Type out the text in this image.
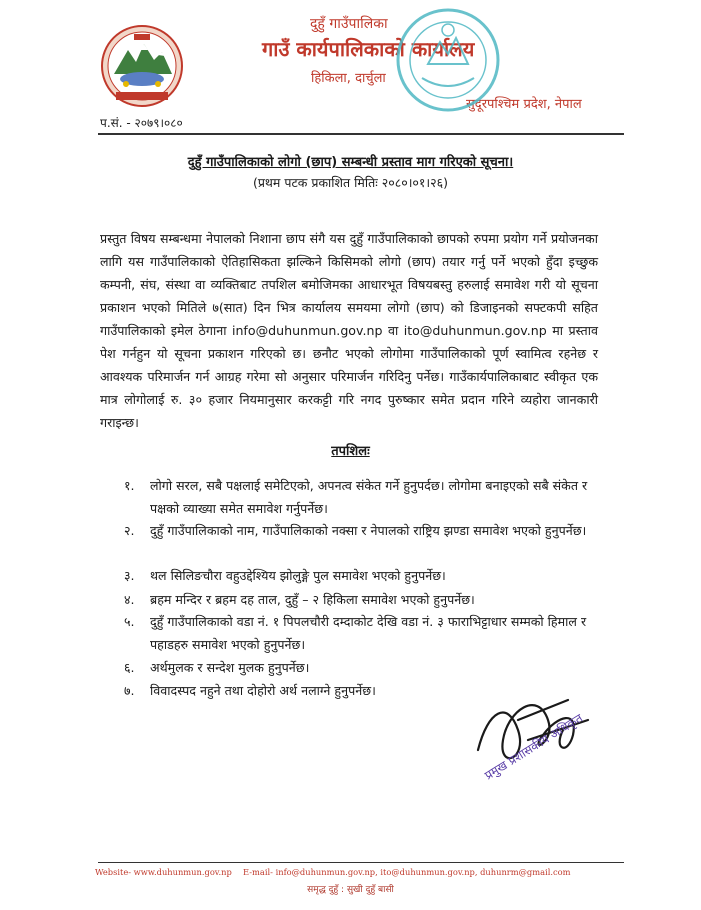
दुहुँ गाउँपालिका
गाउँ कार्यपालिकाको कार्यालय
हिकिला, दार्चुला
सुदूरपश्चिम प्रदेश, नेपाल
प.सं. - २०७९।०८०
दुहुँ गाउँपालिकाको लोगो (छाप) सम्बन्धी प्रस्ताव माग गरिएको सूचना।
(प्रथम पटक प्रकाशित मितिः २०८०।०१।२६)
प्रस्तुत विषय सम्बन्धमा नेपालको निशाना छाप संगै यस दुहुँ गाउँपालिकाको छापको रुपमा प्रयोग गर्ने प्रयोजनका लागि यस गाउँपालिकाको ऐतिहासिकता झल्किने किसिमको लोगो (छाप) तयार गर्नु पर्ने भएको हुँदा इच्छुक कम्पनी, संघ, संस्था वा व्यक्तिबाट तपशिल बमोजिमका आधारभूत विषयबस्तु हरुलाई समावेश गरी यो सूचना प्रकाशन भएको मितिले ७(सात) दिन भित्र कार्यालय समयमा लोगो (छाप) को डिजाइनको सफ्टकपी सहित गाउँपालिकाको इमेल ठेगाना info@duhunmun.gov.np वा ito@duhunmun.gov.np मा प्रस्ताव पेश गर्नहुन यो सूचना प्रकाशन गरिएको छ। छनौट भएको लोगोमा गाउँपालिकाको पूर्ण स्वामित्व रहनेछ र आवश्यक परिमार्जन गर्न आग्रह गरेमा सो अनुसार परिमार्जन गरिदिनु पर्नेछ। गाउँकार्यपालिकाबाट स्वीकृत एक मात्र लोगोलाई रु. ३० हजार नियमानुसार करकट्टी गरि नगद पुरुष्कार समेत प्रदान गरिने व्यहोरा जानकारी गराइन्छ।
तपशिलः
१. लोगो सरल, सबै पक्षलाई समेटिएको, अपनत्व संकेत गर्ने हुनुपर्दछ। लोगोमा बनाइएको सबै संकेत र पक्षको व्याख्या समेत समावेश गर्नुपर्नेछ।
२. दुहुँ गाउँपालिकाको नाम, गाउँपालिकाको नक्सा र नेपालको राष्ट्रिय झण्डा समावेश भएको हुनुपर्नेछ।
३. थल सिलिङचौरा वहुउद्देश्यिय झोलुङ्गे पुल समावेश भएको हुनुपर्नेछ।
४. ब्रहम मन्दिर र ब्रहम दह ताल, दुहुँ – २ हिकिला समावेश भएको हुनुपर्नेछ।
५. दुहुँ गाउँपालिकाको वडा नं. १ पिपलचौरी दम्दाकोट देखि वडा नं. ३ फाराभिट्टाधार सम्मको हिमाल र पहाडहरु समावेश भएको हुनुपर्नेछ।
६. अर्थमुलक र सन्देश मुलक हुनुपर्नेछ।
७. विवादस्पद नहुने तथा दोहोरो अर्थ नलाग्ने हुनुपर्नेछ।
प्रमुख प्रशासकीय अधिकृत
Website- www.duhunmun.gov.np E-mail- info@duhunmun.gov.np, ito@duhunmun.gov.np, duhunrm@gmail.com
समृद्ध दुहुँ : सुखी दुहुँ बासी
